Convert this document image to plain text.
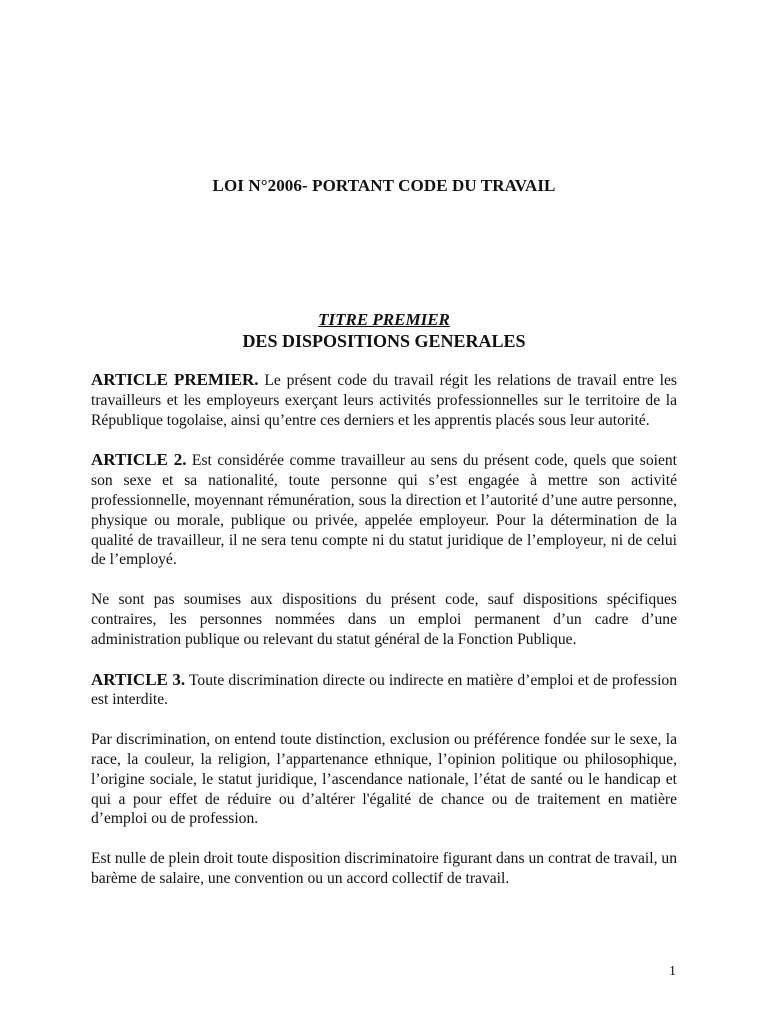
LOI N°2006- PORTANT CODE DU TRAVAIL
TITRE PREMIER
DES DISPOSITIONS GENERALES

ARTICLE PREMIER. Le présent code du travail régit les relations de travail entre les travailleurs et les employeurs exerçant leurs activités professionnelles sur le territoire de la République togolaise, ainsi qu’entre ces derniers et les apprentis placés sous leur autorité.

ARTICLE 2. Est considérée comme travailleur au sens du présent code, quels que soient son sexe et sa nationalité, toute personne qui s’est engagée à mettre son activité professionnelle, moyennant rémunération, sous la direction et l’autorité d’une autre personne, physique ou morale, publique ou privée, appelée employeur. Pour la détermination de la qualité de travailleur, il ne sera tenu compte ni du statut juridique de l’employeur, ni de celui de l’employé.

Ne sont pas soumises aux dispositions du présent code, sauf dispositions spécifiques contraires, les personnes nommées dans un emploi permanent d’un cadre d’une administration publique ou relevant du statut général de la Fonction Publique.

ARTICLE 3. Toute discrimination directe ou indirecte en matière d’emploi et de profession est interdite.

Par discrimination, on entend toute distinction, exclusion ou préférence fondée sur le sexe, la race, la couleur, la religion, l’appartenance ethnique, l’opinion politique ou philosophique, l’origine sociale, le statut juridique, l’ascendance nationale, l’état de santé ou le handicap et qui a pour effet de réduire ou d’altérer l'égalité de chance ou de traitement en matière d’emploi ou de profession.

Est nulle de plein droit toute disposition discriminatoire figurant dans un contrat de travail, un barème de salaire, une convention ou un accord collectif de travail.

1
